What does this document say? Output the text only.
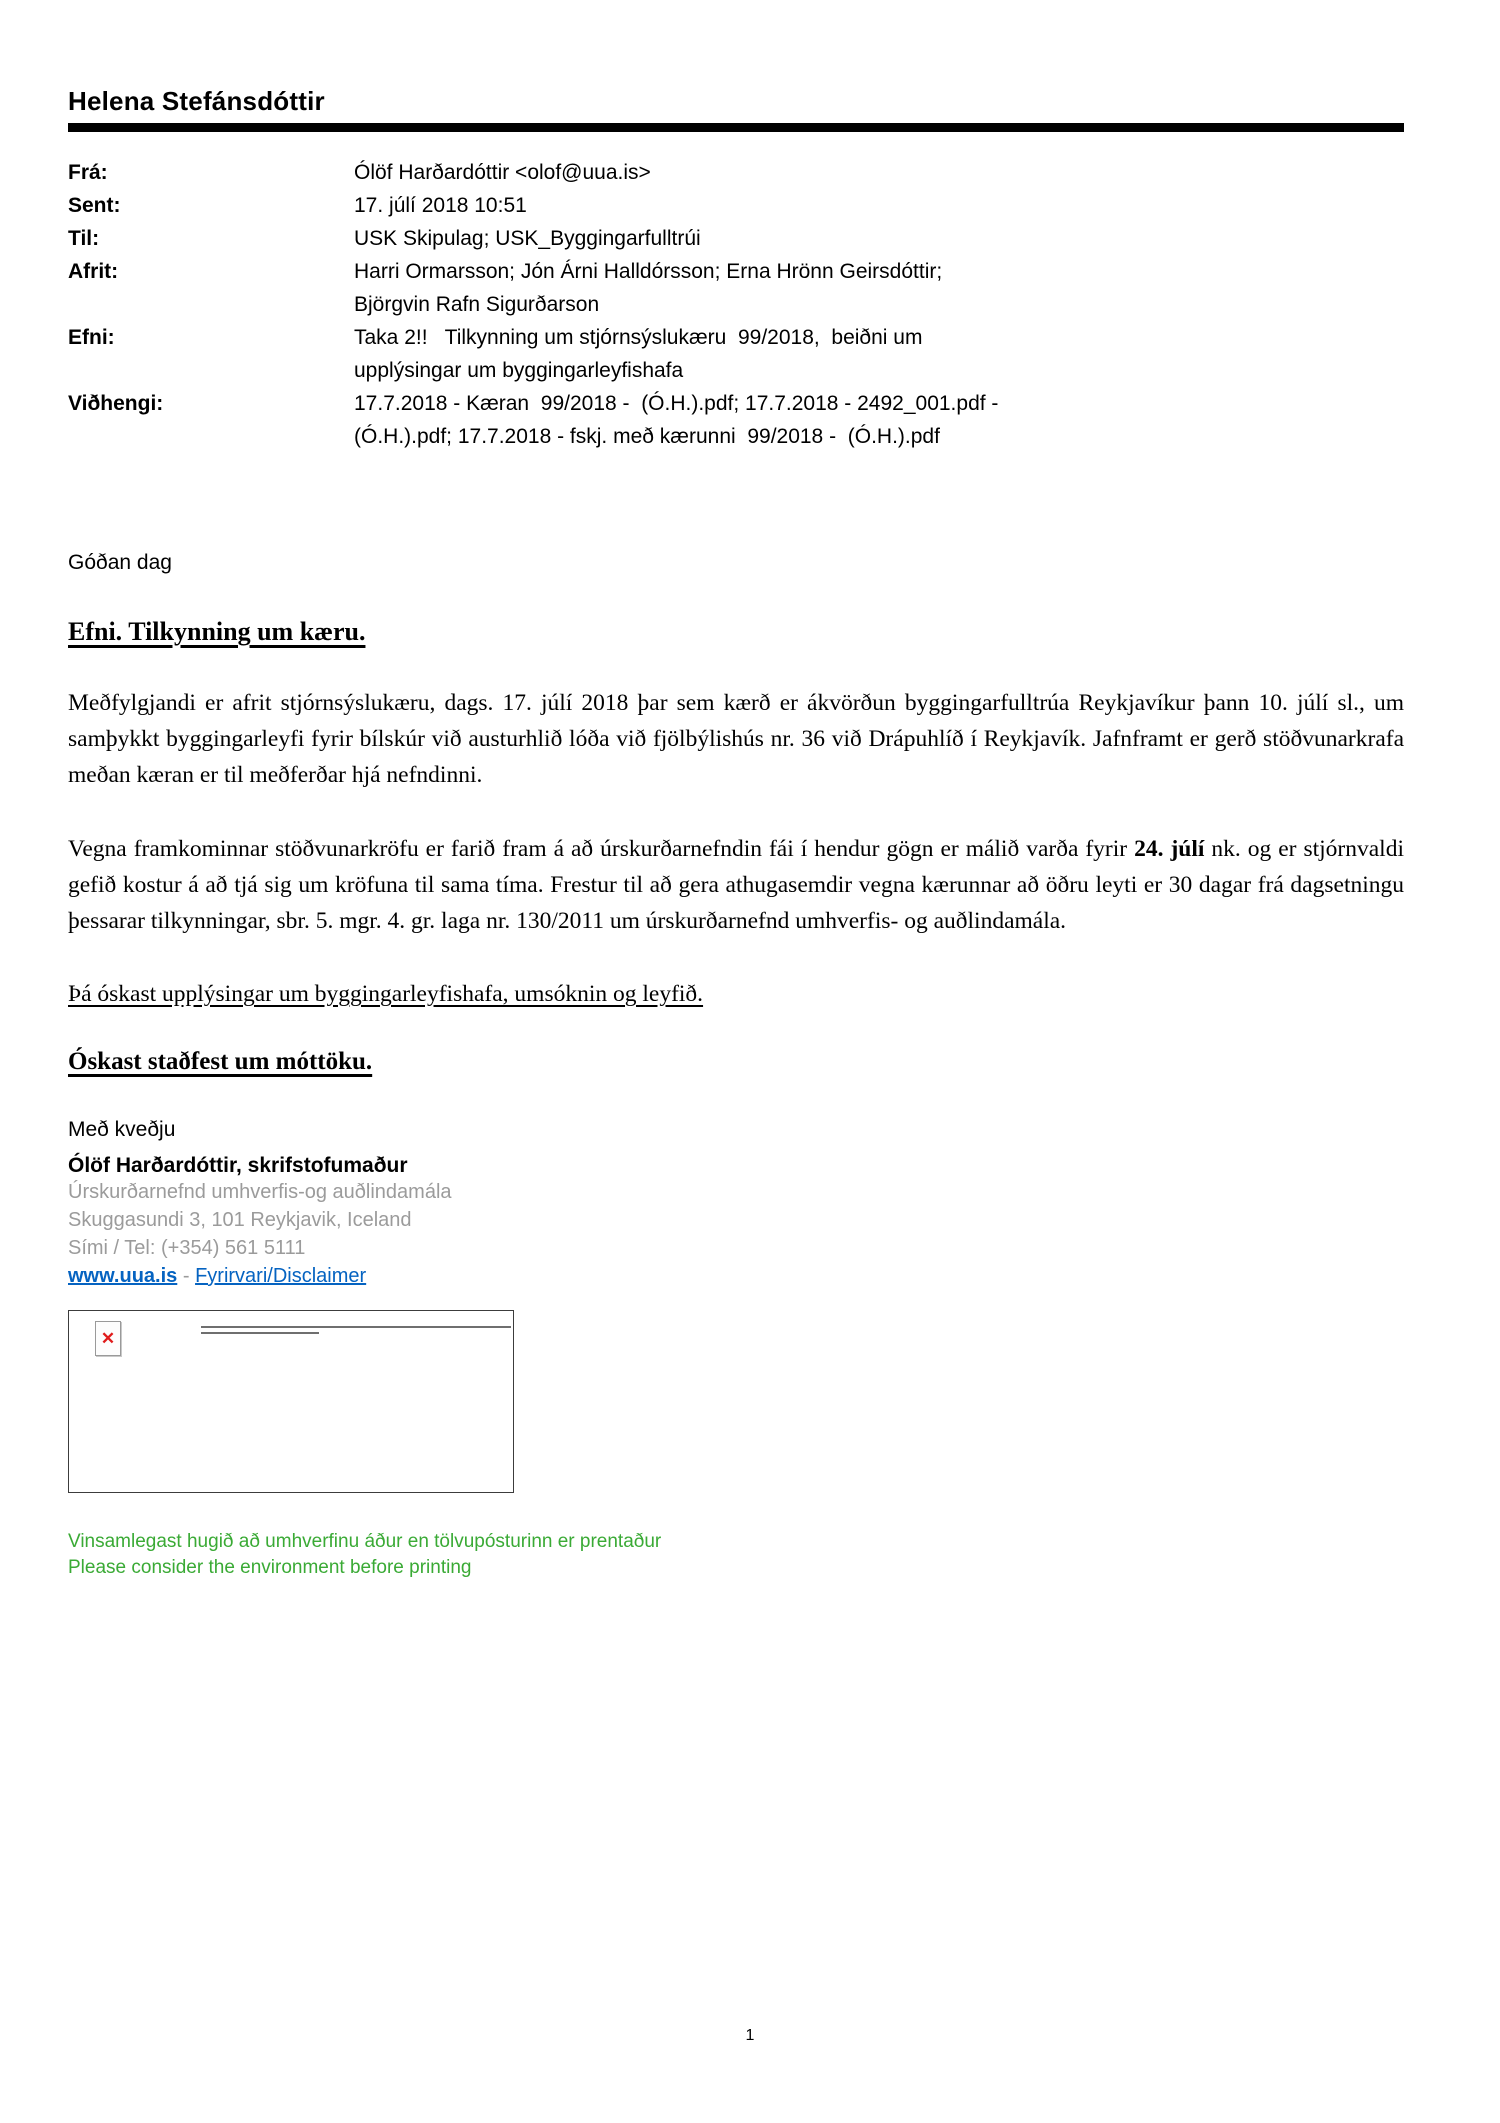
Helena Stefánsdóttir
Frá:	Ólöf Harðardóttir <olof@uua.is>
Sent:	17. júlí 2018 10:51
Til:	USK Skipulag; USK_Byggingarfulltrúi
Afrit:	Harri Ormarsson; Jón Árni Halldórsson; Erna Hrönn Geirsdóttir; Björgvin Rafn Sigurðarson
Efni:	Taka 2!!   Tilkynning um stjórnsýslukæru  99/2018,  beiðni um upplýsingar um byggingarleyfishafa
Viðhengi:	17.7.2018 - Kæran  99/2018 -  (Ó.H.).pdf; 17.7.2018 - 2492_001.pdf -  (Ó.H.).pdf; 17.7.2018 - fskj. með kærunni  99/2018 -  (Ó.H.).pdf
Góðan dag
Efni. Tilkynning um kæru.
Meðfylgjandi er afrit stjórnsýslukæru, dags. 17. júlí 2018 þar sem kærð er ákvörðun byggingarfulltrúa Reykjavíkur þann 10. júlí sl., um samþykkt byggingarleyfi fyrir bílskúr við austurhlið lóða við fjölbýlishús nr. 36 við Drápuhlíð í Reykjavík. Jafnframt er gerð stöðvunarkrafa meðan kæran er til meðferðar hjá nefndinni.
Vegna framkominnar stöðvunarkröfu er farið fram á að úrskurðarnefndin fái í hendur gögn er málið varða fyrir 24. júlí nk. og er stjórnvaldi gefið kostur á að tjá sig um kröfuna til sama tíma. Frestur til að gera athugasemdir vegna kærunnar að öðru leyti er 30 dagar frá dagsetningu þessarar tilkynningar, sbr. 5. mgr. 4. gr. laga nr. 130/2011 um úrskurðarnefnd umhverfis- og auðlindamála.
Þá óskast upplýsingar um byggingarleyfishafa, umsóknin og leyfið.
Óskast staðfest um móttöku.
Með kveðju
Ólöf Harðardóttir, skrifstofumaður
Úrskurðarnefnd umhverfis-og auðlindamála
Skuggasundi 3, 101 Reykjavik, Iceland
Sími / Tel: (+354) 561 5111
www.uua.is - Fyrirvari/Disclaimer
✕
Vinsamlegast hugið að umhverfinu áður en tölvupósturinn er prentaður
Please consider the environment before printing
1
